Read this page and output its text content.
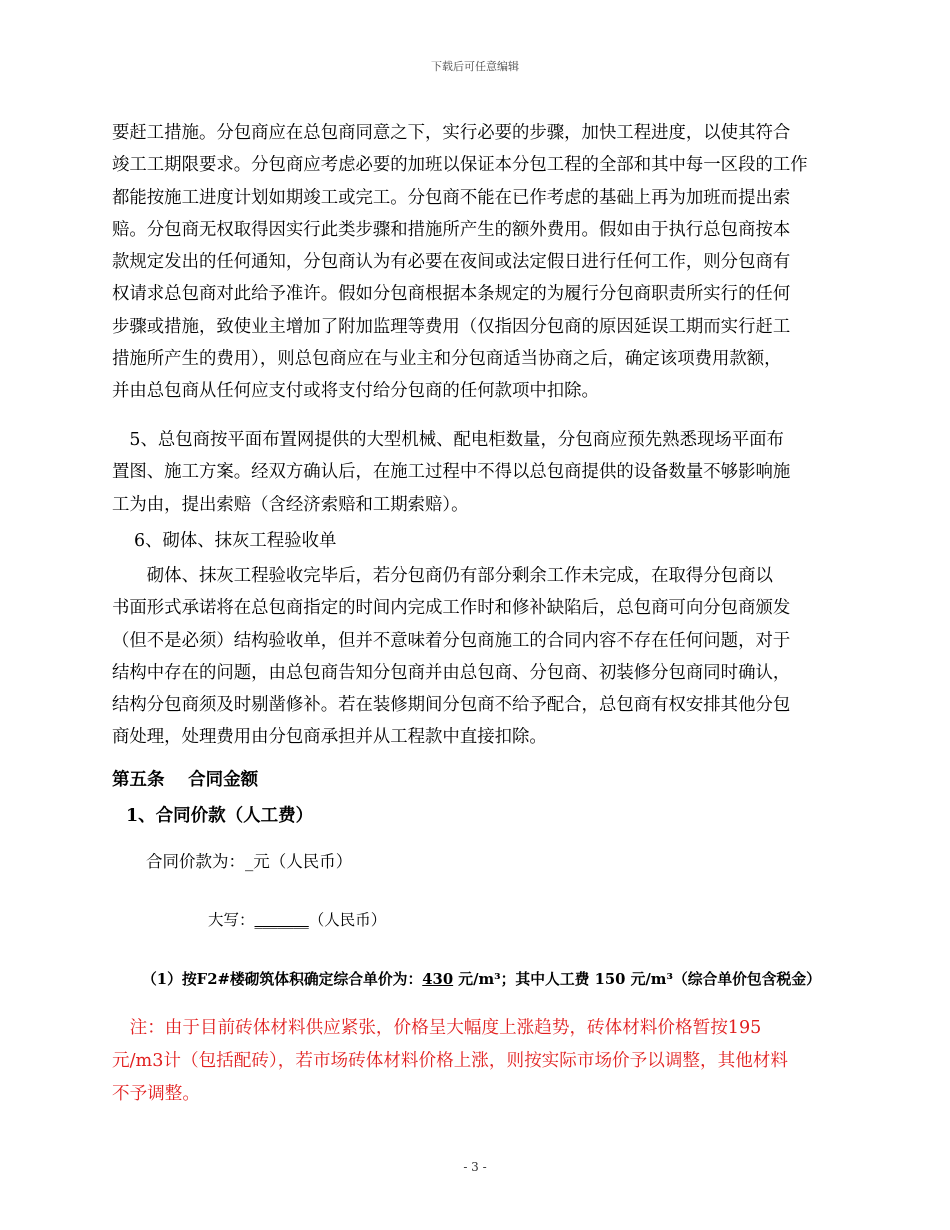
下载后可任意编辑
要赶工措施。分包商应在总包商同意之下，实行必要的步骤，加快工程进度，以使其符合
竣工工期限要求。分包商应考虑必要的加班以保证本分包工程的全部和其中每一区段的工作
都能按施工进度计划如期竣工或完工。分包商不能在已作考虑的基础上再为加班而提出索
赔。分包商无权取得因实行此类步骤和措施所产生的额外费用。假如由于执行总包商按本
款规定发出的任何通知，分包商认为有必要在夜间或法定假日进行任何工作，则分包商有
权请求总包商对此给予准许。假如分包商根据本条规定的为履行分包商职责所实行的任何
步骤或措施，致使业主增加了附加监理等费用（仅指因分包商的原因延误工期而实行赶工
措施所产生的费用），则总包商应在与业主和分包商适当协商之后，确定该项费用款额，
并由总包商从任何应支付或将支付给分包商的任何款项中扣除。
　5、总包商按平面布置网提供的大型机械、配电柜数量，分包商应预先熟悉现场平面布
置图、施工方案。经双方确认后，在施工过程中不得以总包商提供的设备数量不够影响施
工为由，提出索赔（含经济索赔和工期索赔）。
6、砌体、抹灰工程验收单
　　砌体、抹灰工程验收完毕后，若分包商仍有部分剩余工作未完成，在取得分包商以
书面形式承诺将在总包商指定的时间内完成工作时和修补缺陷后，总包商可向分包商颁发
（但不是必须）结构验收单，但并不意味着分包商施工的合同内容不存在任何问题，对于
结构中存在的问题，由总包商告知分包商并由总包商、分包商、初装修分包商同时确认，
结构分包商须及时剔凿修补。若在装修期间分包商不给予配合，总包商有权安排其他分包
商处理，处理费用由分包商承担并从工程款中直接扣除。
第五条　 合同金额
1、合同价款（人工费）
合同价款为：_元（人民币）
大写：_______（人民币）
（1）按F2#楼砌筑体积确定综合单价为：430 元/m³；其中人工费 150 元/m³（综合单价包含税金）
　注：由于目前砖体材料供应紧张，价格呈大幅度上涨趋势，砖体材料价格暂按195
元/m3计（包括配砖），若市场砖体材料价格上涨，则按实际市场价予以调整，其他材料
不予调整。
- 3 -
